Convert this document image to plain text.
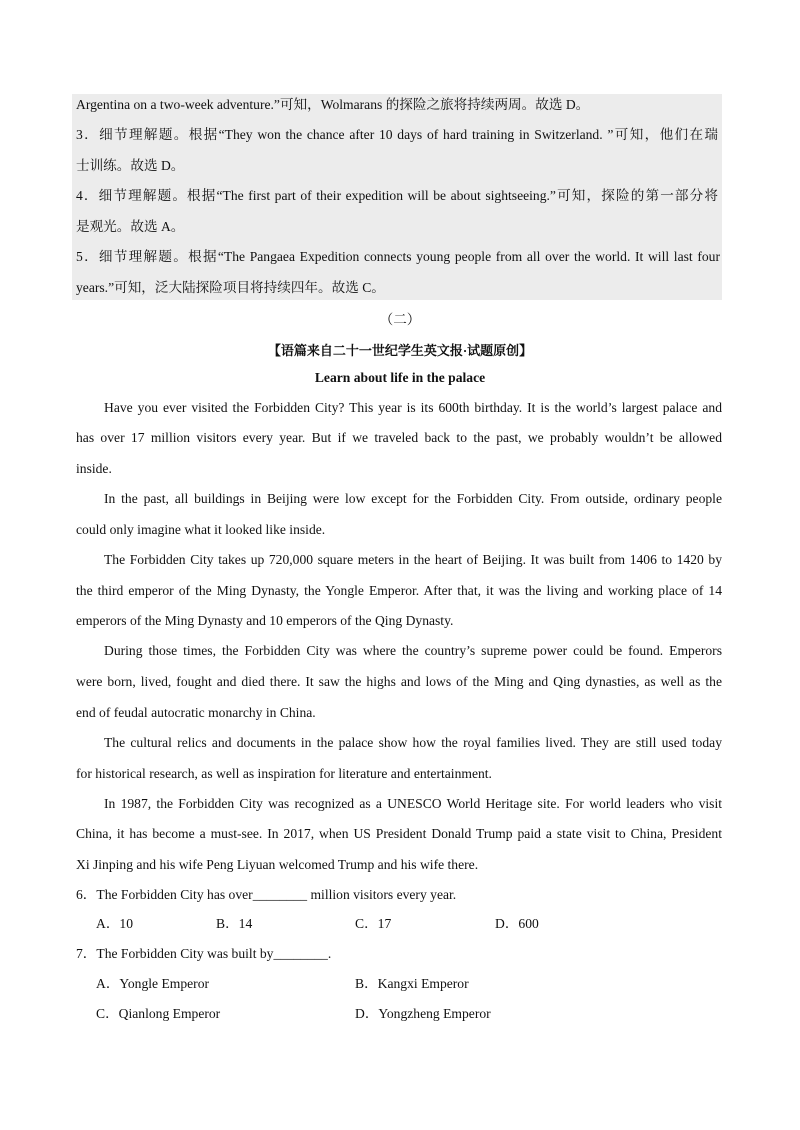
Argentina on a two-week adventure.”可知，Wolmarans 的探险之旅将持续两周。故选 D。
3．细节理解题。根据“They won the chance after 10 days of hard training in Switzerland. ”可知，他们在瑞
士训练。故选 D。
4．细节理解题。根据“The first part of their expedition will be about sightseeing.”可知，探险的第一部分将
是观光。故选 A。
5．细节理解题。根据“The Pangaea Expedition connects young people from all over the world. It will last four
years.”可知，泛大陆探险项目将持续四年。故选 C。
（二）
【语篇来自二十一世纪学生英文报·试题原创】
Learn about life in the palace
Have you ever visited the Forbidden City? This year is its 600th birthday. It is the world’s largest palace and
has over 17 million visitors every year. But if we traveled back to the past, we probably wouldn’t be allowed
inside.
In the past, all buildings in Beijing were low except for the Forbidden City. From outside, ordinary people
could only imagine what it looked like inside.
The Forbidden City takes up 720,000 square meters in the heart of Beijing. It was built from 1406 to 1420 by
the third emperor of the Ming Dynasty, the Yongle Emperor. After that, it was the living and working place of 14
emperors of the Ming Dynasty and 10 emperors of the Qing Dynasty.
During those times, the Forbidden City was where the country’s supreme power could be found. Emperors
were born, lived, fought and died there. It saw the highs and lows of the Ming and Qing dynasties, as well as the
end of feudal autocratic monarchy in China.
The cultural relics and documents in the palace show how the royal families lived. They are still used today
for historical research, as well as inspiration for literature and entertainment.
In 1987, the Forbidden City was recognized as a UNESCO World Heritage site. For world leaders who visit
China, it has become a must-see. In 2017, when US President Donald Trump paid a state visit to China, President
Xi Jinping and his wife Peng Liyuan welcomed Trump and his wife there.
6．The Forbidden City has over________ million visitors every year.
A．10	B．14	C．17	D．600
7．The Forbidden City was built by________.
A．Yongle Emperor	B．Kangxi Emperor
C．Qianlong Emperor	D．Yongzheng Emperor
